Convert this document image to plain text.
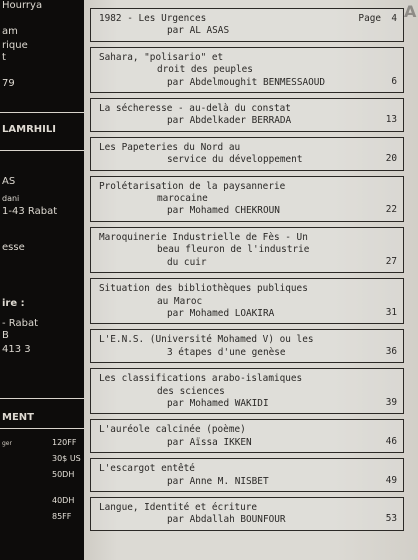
Hourrya
am
rique
t
79
LAMRHILI
AS
dani
1-43 Rabat
esse
ire :
- Rabat
B
413 3
MENT
ger	120FF
30$ US
50DH
40DH
85FF
A
1982 - Les Urgences
par AL ASAS
Page 4
Sahara, "polisario" et
droit des peuples
par Abdelmoughit BENMESSAOUD	6
La sécheresse - au-delà du constat
par Abdelkader BERRADA	13
Les Papeteries du Nord au
service du développement	20
Prolétarisation de la paysannerie
marocaine
par Mohamed CHEKROUN	22
Maroquinerie Industrielle de Fès - Un
beau fleuron de l'industrie
du cuir	27
Situation des bibliothèques publiques
au Maroc
par Mohamed LOAKIRA	31
L'E.N.S. (Université Mohamed V) ou les
3 étapes d'une genèse	36
Les classifications arabo-islamiques
des sciences
par Mohamed WAKIDI	39
L'auréole calcinée (poème)
par Aïssa IKKEN	46
L'escargot entêté
par Anne M. NISBET	49
Langue, Identité et écriture
par Abdallah BOUNFOUR	53
